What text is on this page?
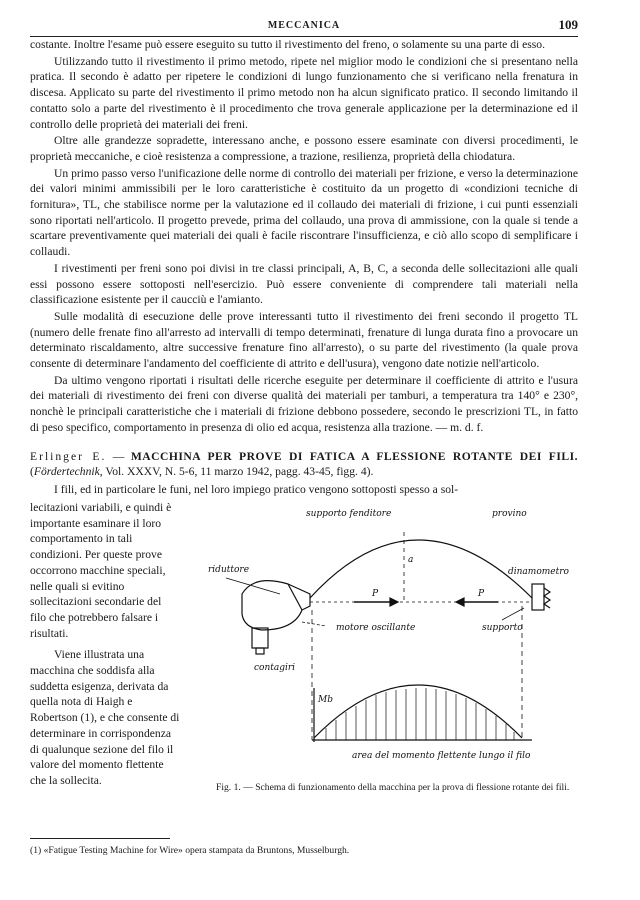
MECCANICA	109

costante. Inoltre l'esame può essere eseguito su tutto il rivestimento del freno, o solamente su una parte di esso.

Utilizzando tutto il rivestimento il primo metodo, ripete nel miglior modo le condizioni che si presentano nella pratica. Il secondo è adatto per ripetere le condizioni di lungo funzionamento che si verificano nella frenatura in discesa. Applicato su parte del rivestimento il primo metodo non ha alcun significato pratico. Il secondo limitando il contatto solo a parte del rivestimento è il procedimento che trova generale applicazione per la determinazione ed il controllo delle proprietà dei materiali dei freni.

Oltre alle grandezze sopradette, interessano anche, e possono essere esaminate con diversi procedimenti, le proprietà meccaniche, e cioè resistenza a compressione, a trazione, resilienza, proprietà della chiodatura.

Un primo passo verso l'unificazione delle norme di controllo dei materiali per frizione, e verso la determinazione dei valori minimi ammissibili per le loro caratteristiche è costituito da un progetto di «condizioni tecniche di fornitura», TL, che stabilisce norme per la valutazione ed il collaudo dei materiali di frizione, i cui punti essenziali sono riportati nell'articolo. Il progetto prevede, prima del collaudo, una prova di ammissione, con la quale si tende a scartare preventivamente quei materiali dei quali è facile riscontrare l'insufficienza, e ciò allo scopo di semplificare i collaudi.

I rivestimenti per freni sono poi divisi in tre classi principali, A, B, C, a seconda delle sollecitazioni alle quali essi possono essere sottoposti nell'esercizio. Può essere conveniente di comprendere tali materiali nella classificazione esistente per il caucciù e l'amianto.

Sulle modalità di esecuzione delle prove interessanti tutto il rivestimento dei freni secondo il progetto TL (numero delle frenate fino all'arresto ad intervalli di tempo determinati, frenature di lunga durata fino a provocare un determinato riscaldamento, altre successive frenature fino all'arresto), o su parte del rivestimento (la quale prova consente di determinare l'andamento del coefficiente di attrito e dell'usura), vengono date notizie nell'articolo.

Da ultimo vengono riportati i risultati delle ricerche eseguite per determinare il coefficiente di attrito e l'usura dei materiali di rivestimento dei freni con diverse qualità dei materiali per tamburi, a temperatura tra 140° e 230°, nonchè le principali caratteristiche che i materiali di frizione debbono possedere, secondo le prescrizioni TL, in fatto di peso specifico, comportamento in presenza di olio ed acqua, resistenza alla trazione. — m. d. f.

Erlinger E. — MACCHINA PER PROVE DI FATICA A FLESSIONE ROTANTE DEI FILI. (Fördertechnik, Vol. XXXV, N. 5-6, 11 marzo 1942, pagg. 43-45, figg. 4).
I fili, ed in particolare le funi, nel loro impiego pratico vengono sottoposti spesso a sol-

lecitazioni variabili, e quindi è importante esaminare il loro comportamento in tali condizioni. Per queste prove occorrono macchine speciali, nelle quali si evitino sollecitazioni secondarie del filo che potrebbero falsare i risultati.

Viene illustrata una macchina che soddisfa alla suddetta esigenza, derivata da quella nota di Haigh e Robertson (1), e che consente di determinare in corrispondenza di qualunque sezione del filo il valore del momento flettente che la sollecita.

supporto fenditore	provino
dinamometro
riduttore
a
P	P
motore oscillante	supporto
contagiri
Mb
area del momento flettente lungo il filo
Fig. 1. — Schema di funzionamento della macchina per la prova di flessione rotante dei fili.
(1) «Fatigue Testing Machine for Wire» opera stampata da Bruntons, Musselburgh.
